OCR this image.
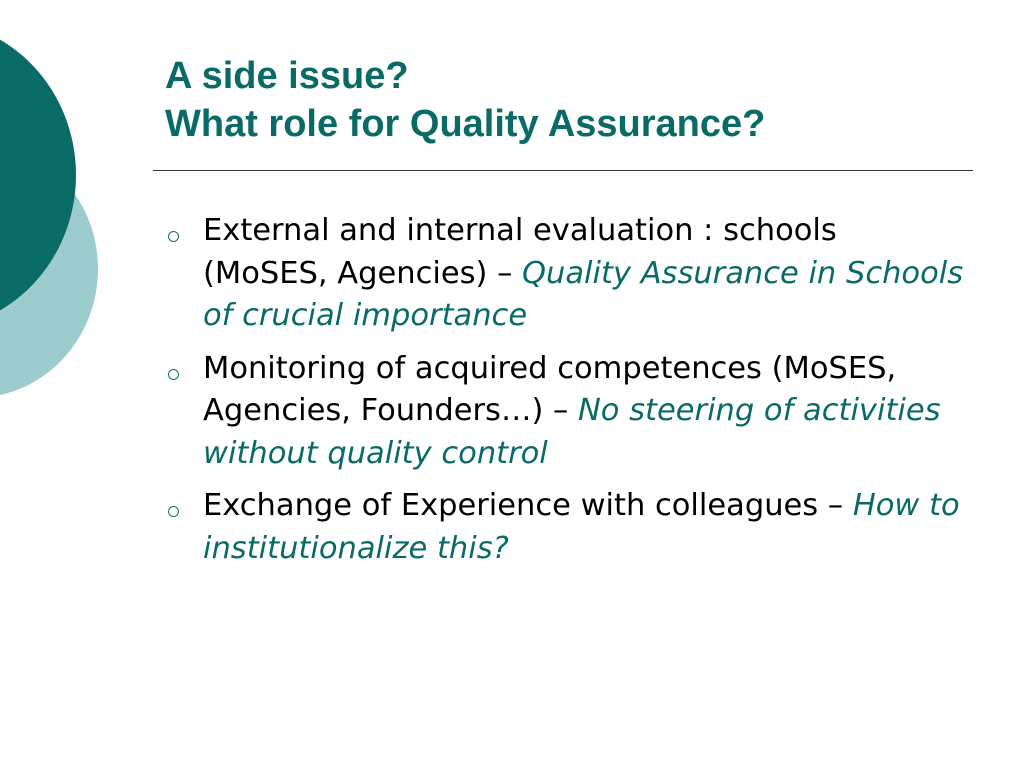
A side issue?
What role for Quality Assurance?
External and internal evaluation : schools (MoSES, Agencies) – Quality Assurance in Schools of crucial importance
Monitoring of acquired competences (MoSES, Agencies, Founders…) – No steering of activities without quality control
Exchange of Experience with colleagues – How to institutionalize this?
